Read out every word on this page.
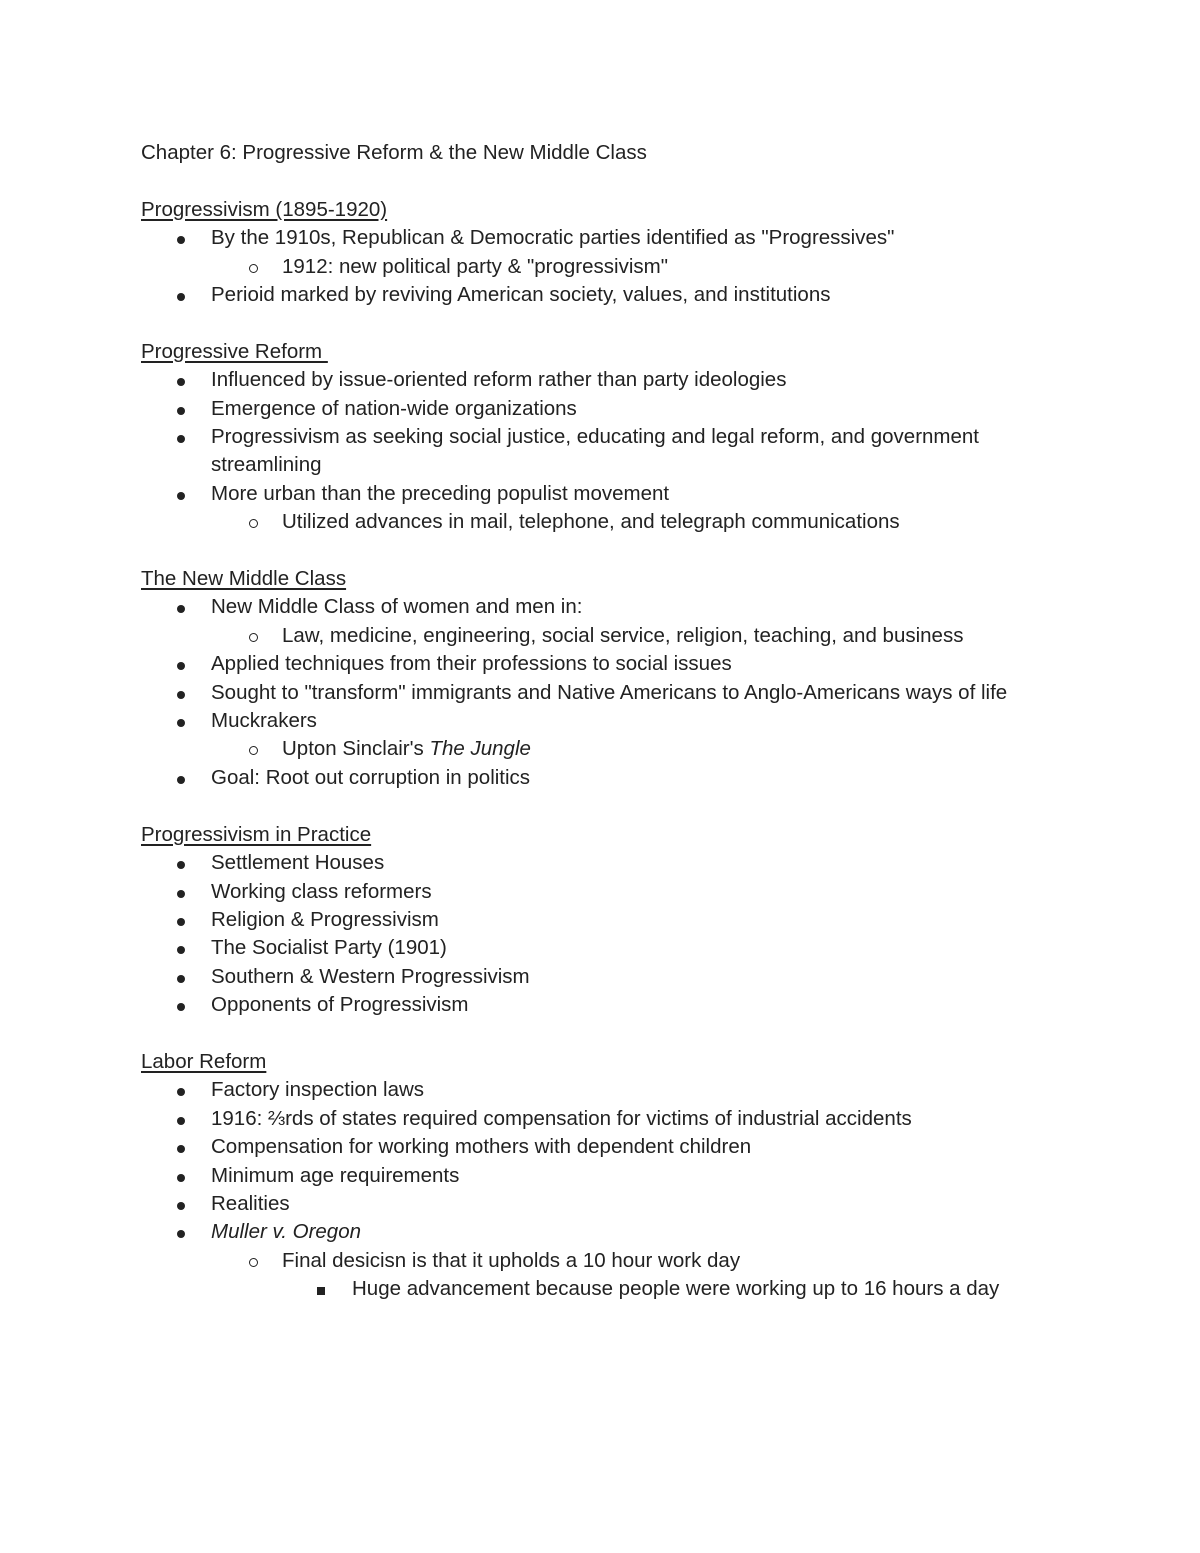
Chapter 6: Progressive Reform & the New Middle Class

Progressivism (1895-1920)
By the 1910s, Republican & Democratic parties identified as "Progressives"
1912: new political party & "progressivism"
Perioid marked by reviving American society, values, and institutions
Progressive Reform
Influenced by issue-oriented reform rather than party ideologies
Emergence of nation-wide organizations
Progressivism as seeking social justice, educating and legal reform, and government streamlining
More urban than the preceding populist movement
Utilized advances in mail, telephone, and telegraph communications
The New Middle Class
New Middle Class of women and men in:
Law, medicine, engineering, social service, religion, teaching, and business
Applied techniques from their professions to social issues
Sought to "transform" immigrants and Native Americans to Anglo-Americans ways of life
Muckrakers
Upton Sinclair's The Jungle
Goal: Root out corruption in politics
Progressivism in Practice
Settlement Houses
Working class reformers
Religion & Progressivism
The Socialist Party (1901)
Southern & Western Progressivism
Opponents of Progressivism
Labor Reform
Factory inspection laws
1916: ⅔rds of states required compensation for victims of industrial accidents
Compensation for working mothers with dependent children
Minimum age requirements
Realities
Muller v. Oregon
Final desicisn is that it upholds a 10 hour work day
Huge advancement because people were working up to 16 hours a day
